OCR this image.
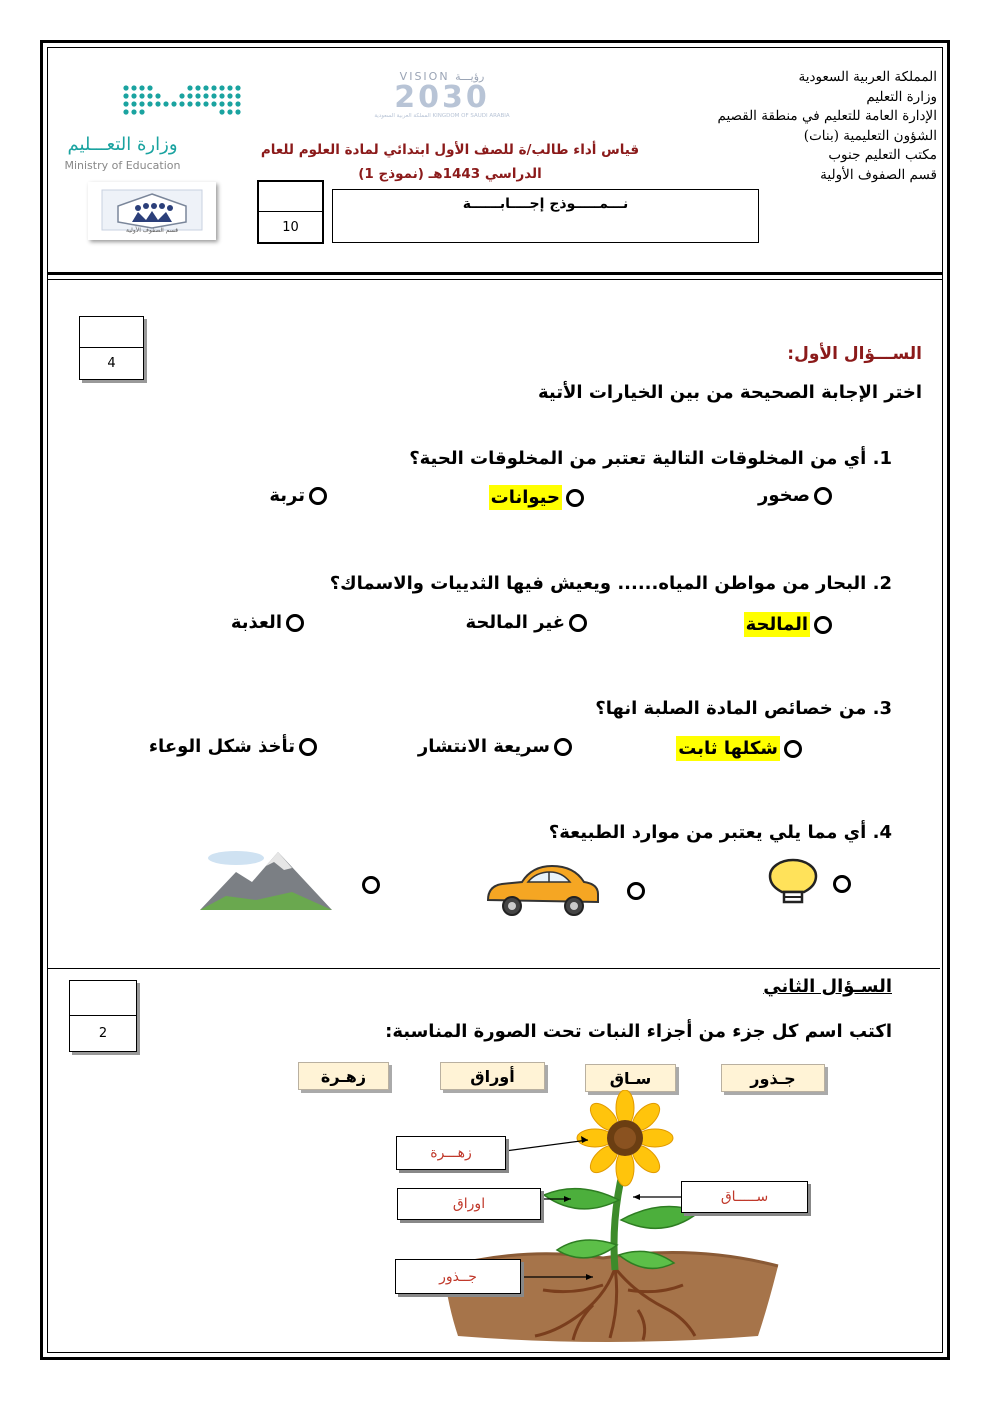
المملكة العربية السعودية
وزارة التعليم
الإدارة العامة للتعليم في منطقة القصيم
الشؤون التعليمية (بنات)
مكتب التعليم جنوب
قسم الصفوف الأولية
VISION رؤيـــة
2030
المملكة العربية السعودية KINGDOM OF SAUDI ARABIA
قياس أداء طالب/ة للصف الأول ابتدائي لمادة العلوم للعام
الدراسي 1443هـ (نموذج 1)
وزارة التعـــليم
Ministry of Education
قسم الصفوف الأولية	10
نـــمـــــوذج إجــــابــــــة
4	الســـؤال الأول:
اختر الإجابة الصحيحة من بين الخيارات الأتية
1. أي من المخلوقات التالية تعتبر من المخلوقات الحية؟
صخور
حيوانات
تربة
2. البحار من مواطن المياه...... ويعيش فيها الثدييات والاسماك؟
المالحة
غير المالحة
العذبة
3. من خصائص المادة الصلبة انها؟
شكلها ثابت
سريعة الانتشار
تأخذ شكل الوعاء
4. أي مما يلي يعتبر من موارد الطبيعة؟
2
السـؤال الثاني
اكتب اسم كل جزء من أجزاء النبات تحت الصورة المناسبة:
جـذور
سـاق
أوراق
زهـرة
زهـــرة
اوراق	ســـــاق
جــذور
